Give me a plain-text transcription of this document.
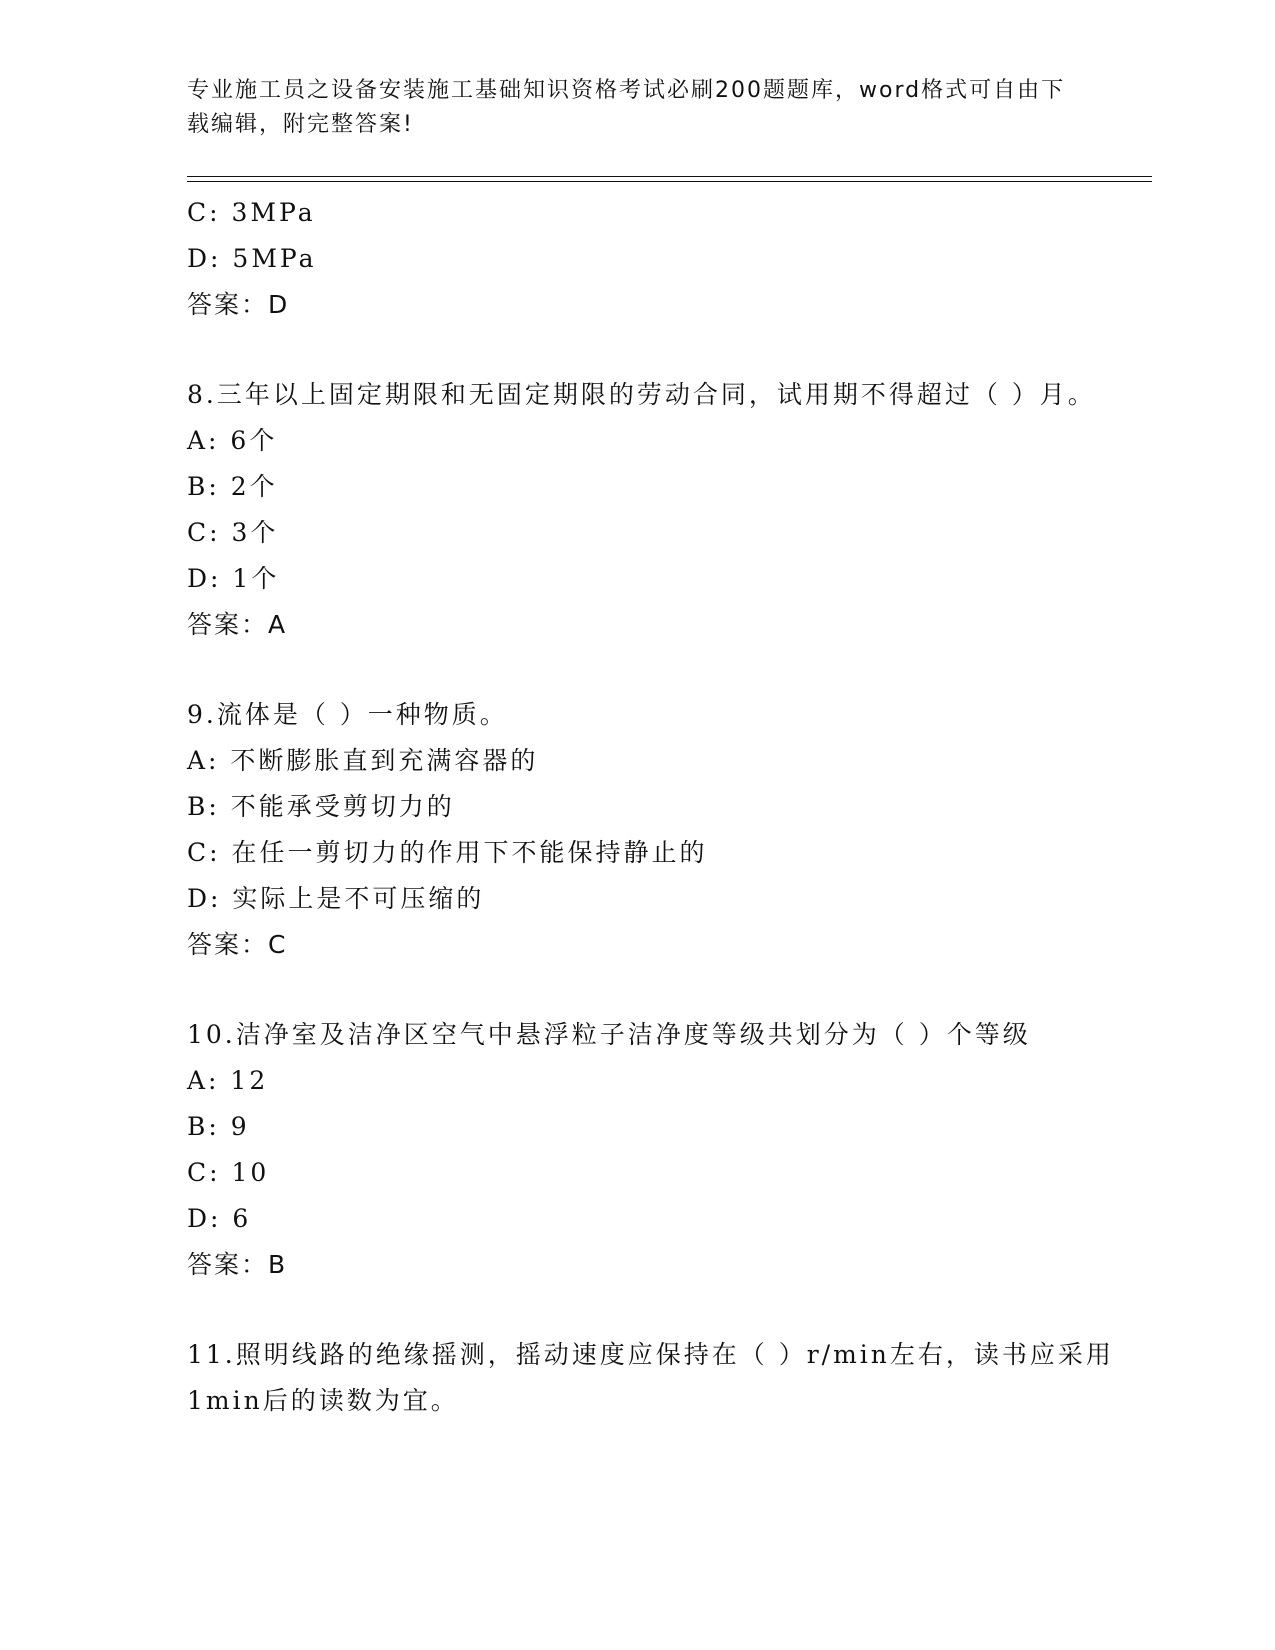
专业施工员之设备安装施工基础知识资格考试必刷200题题库，word格式可自由下载编辑，附完整答案!
C: 3MPa
D: 5MPa
答案：D
8.三年以上固定期限和无固定期限的劳动合同，试用期不得超过（ ）月。
A: 6个
B: 2个
C: 3个
D: 1个
答案：A
9.流体是（ ）一种物质。
A: 不断膨胀直到充满容器的
B: 不能承受剪切力的
C: 在任一剪切力的作用下不能保持静止的
D: 实际上是不可压缩的
答案：C
10.洁净室及洁净区空气中悬浮粒子洁净度等级共划分为（ ）个等级
A: 12
B: 9
C: 10
D: 6
答案：B
11.照明线路的绝缘摇测，摇动速度应保持在（ ）r/min左右，读书应采用1min后的读数为宜。
